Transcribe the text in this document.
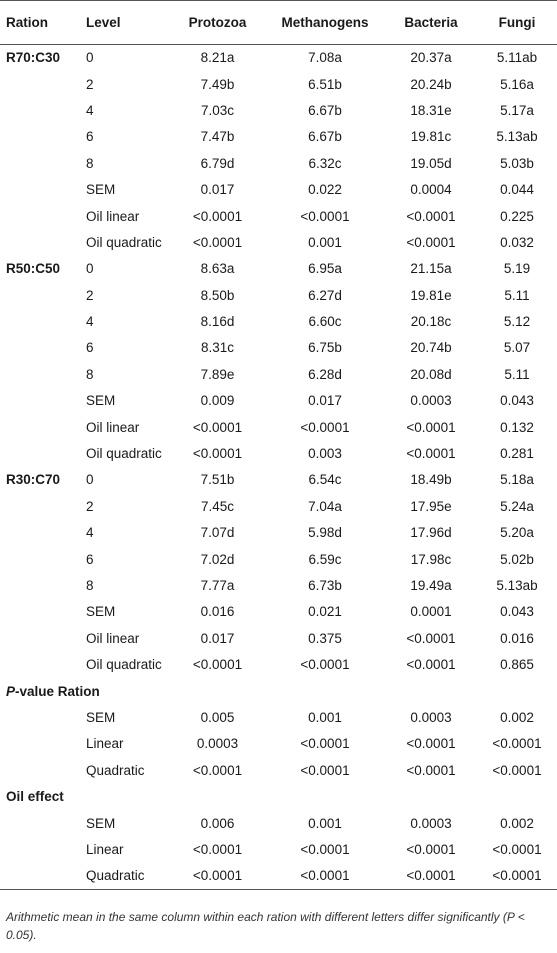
Ration	Level	Protozoa	Methanogens	Bacteria	Fungi
R70:C30	0	8.21a	7.08a	20.37a	5.11ab
	2	7.49b	6.51b	20.24b	5.16a
	4	7.03c	6.67b	18.31e	5.17a
	6	7.47b	6.67b	19.81c	5.13ab
	8	6.79d	6.32c	19.05d	5.03b
	SEM	0.017	0.022	0.0004	0.044
	Oil linear	<0.0001	<0.0001	<0.0001	0.225
	Oil quadratic	<0.0001	0.001	<0.0001	0.032
R50:C50	0	8.63a	6.95a	21.15a	5.19
	2	8.50b	6.27d	19.81e	5.11
	4	8.16d	6.60c	20.18c	5.12
	6	8.31c	6.75b	20.74b	5.07
	8	7.89e	6.28d	20.08d	5.11
	SEM	0.009	0.017	0.0003	0.043
	Oil linear	<0.0001	<0.0001	<0.0001	0.132
	Oil quadratic	<0.0001	0.003	<0.0001	0.281
R30:C70	0	7.51b	6.54c	18.49b	5.18a
	2	7.45c	7.04a	17.95e	5.24a
	4	7.07d	5.98d	17.96d	5.20a
	6	7.02d	6.59c	17.98c	5.02b
	8	7.77a	6.73b	19.49a	5.13ab
	SEM	0.016	0.021	0.0001	0.043
	Oil linear	0.017	0.375	<0.0001	0.016
	Oil quadratic	<0.0001	<0.0001	<0.0001	0.865
P-value Ration					
	SEM	0.005	0.001	0.0003	0.002
	Linear	0.0003	<0.0001	<0.0001	<0.0001
	Quadratic	<0.0001	<0.0001	<0.0001	<0.0001
Oil effect					
	SEM	0.006	0.001	0.0003	0.002
	Linear	<0.0001	<0.0001	<0.0001	<0.0001
	Quadratic	<0.0001	<0.0001	<0.0001	<0.0001
Arithmetic mean in the same column within each ration with different letters differ significantly (P < 0.05).
